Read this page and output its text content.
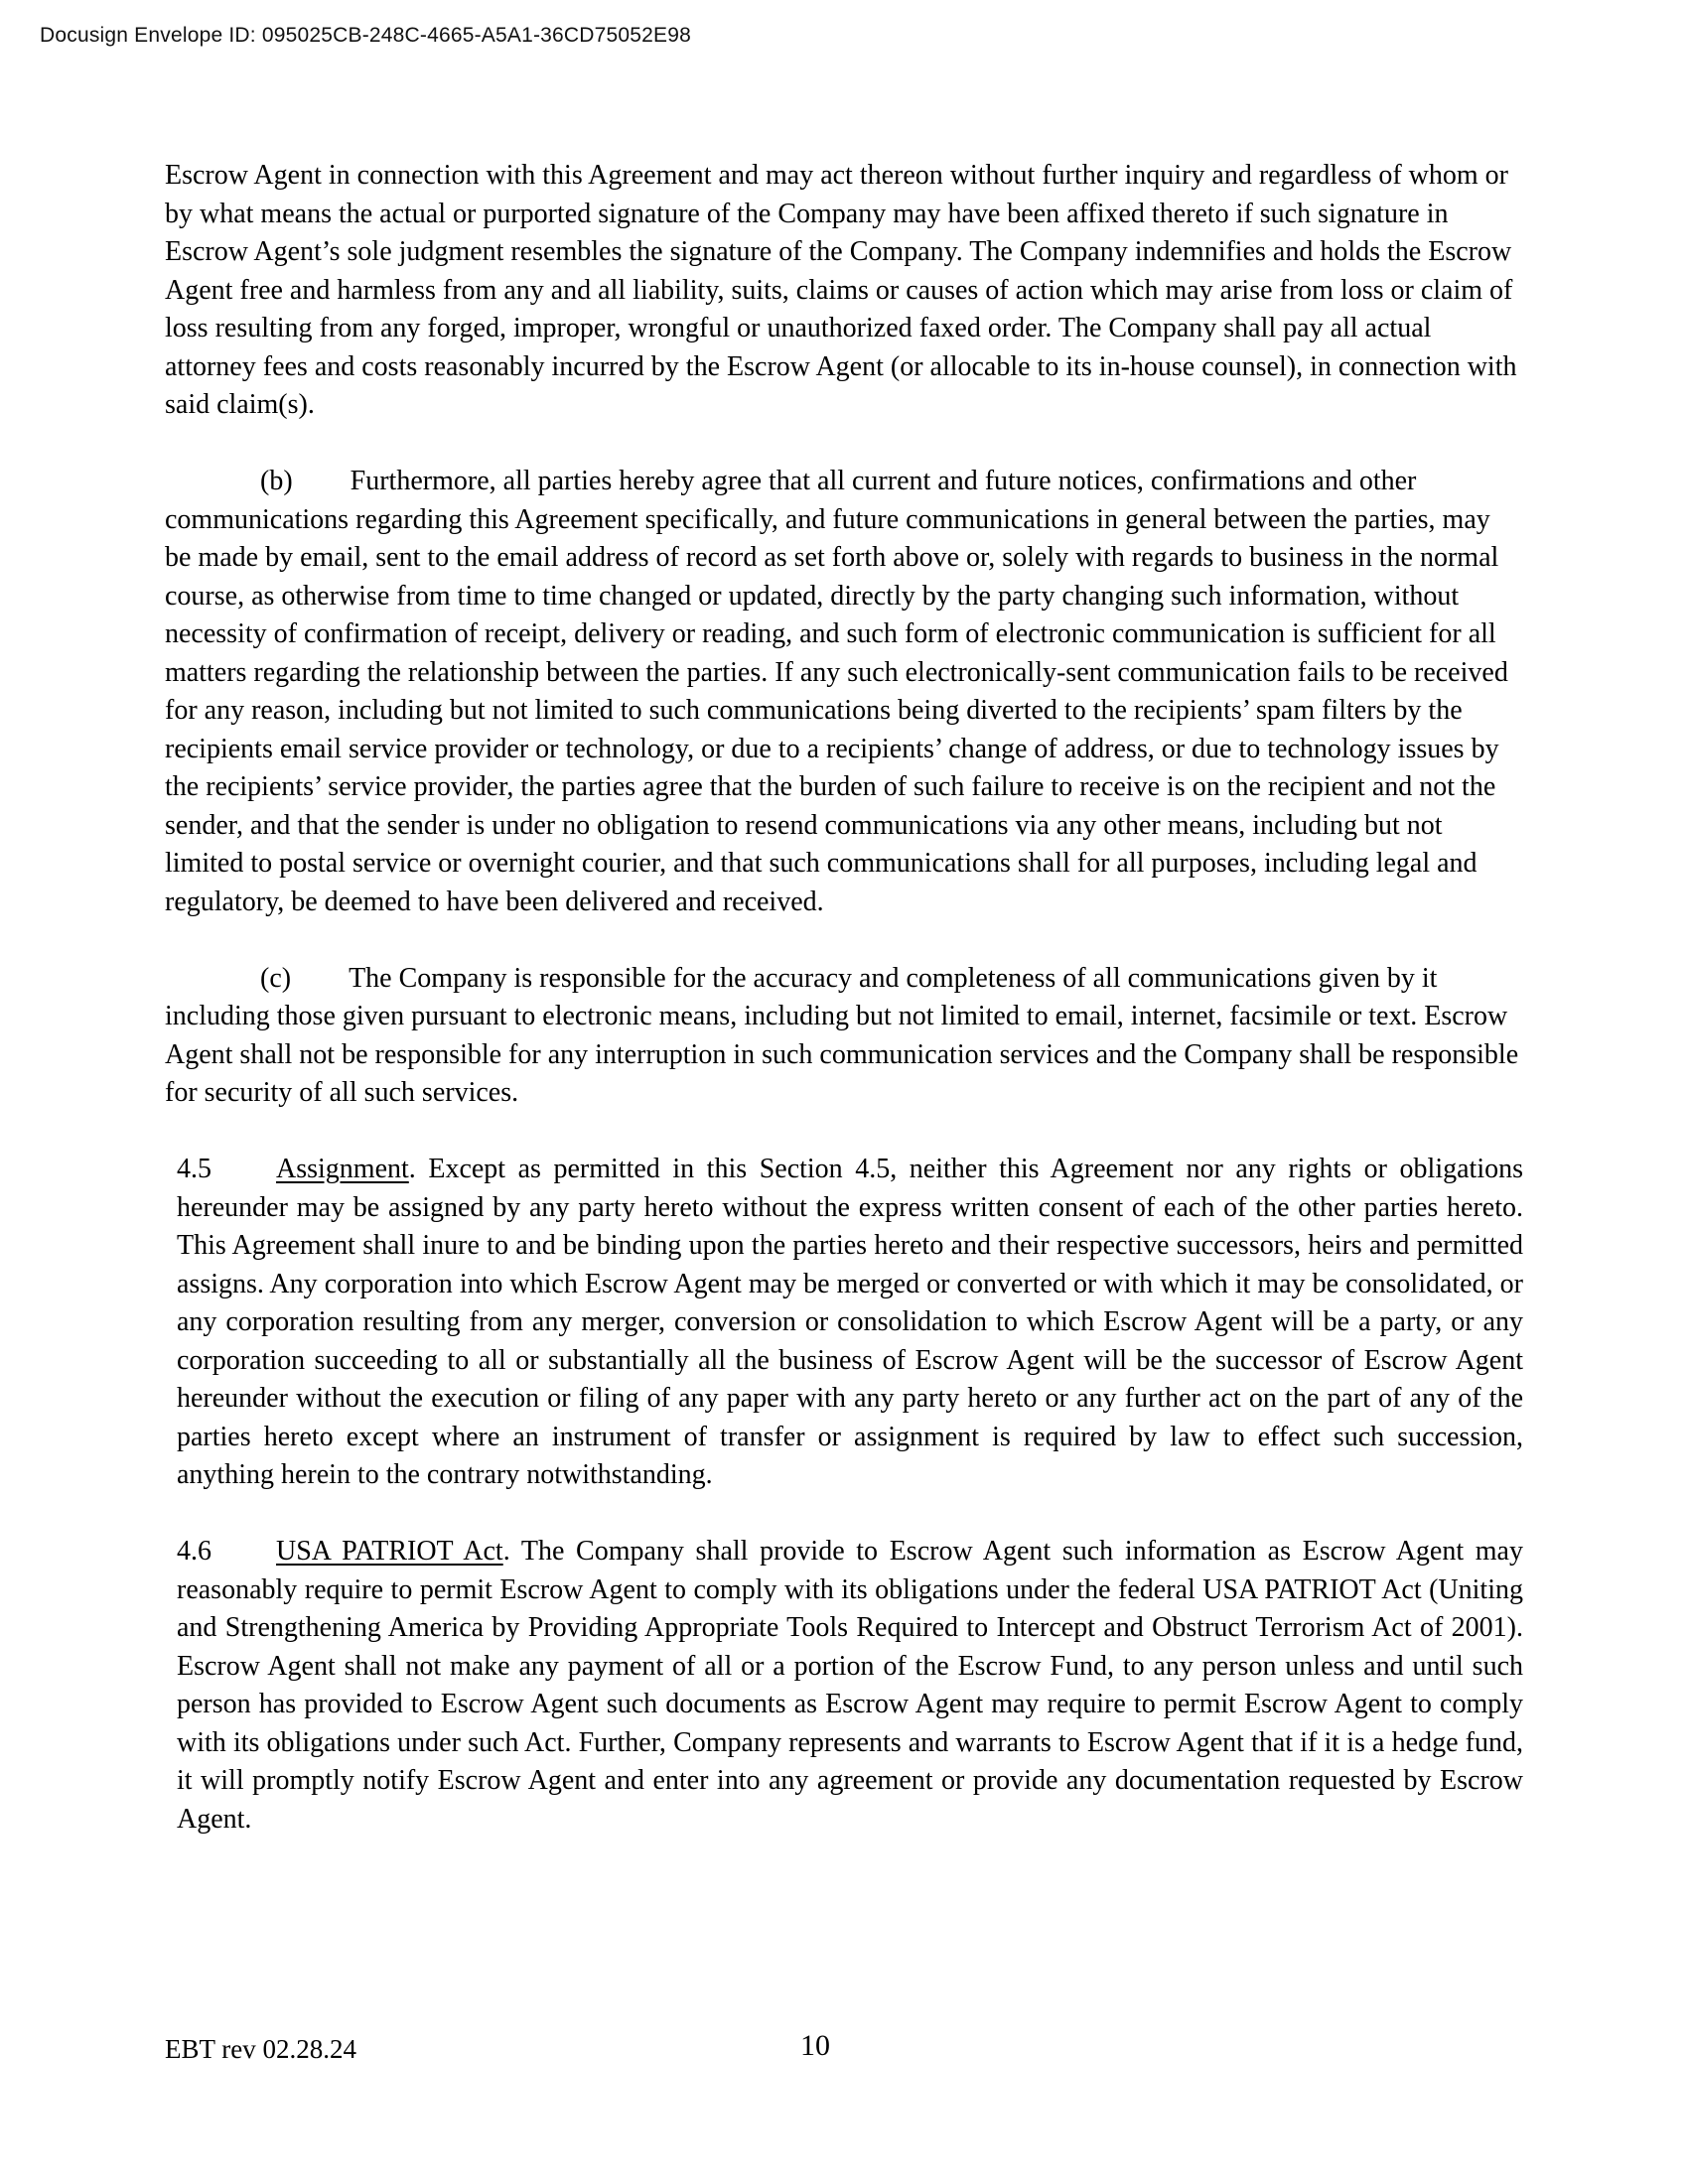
Docusign Envelope ID: 095025CB-248C-4665-A5A1-36CD75052E98

Escrow Agent in connection with this Agreement and may act thereon without further inquiry and regardless of whom or by what means the actual or purported signature of the Company may have been affixed thereto if such signature in Escrow Agent’s sole judgment resembles the signature of the Company. The Company indemnifies and holds the Escrow Agent free and harmless from any and all liability, suits, claims or causes of action which may arise from loss or claim of loss resulting from any forged, improper, wrongful or unauthorized faxed order. The Company shall pay all actual attorney fees and costs reasonably incurred by the Escrow Agent (or allocable to its in-house counsel), in connection with said claim(s).

(b) Furthermore, all parties hereby agree that all current and future notices, confirmations and other communications regarding this Agreement specifically, and future communications in general between the parties, may be made by email, sent to the email address of record as set forth above or, solely with regards to business in the normal course, as otherwise from time to time changed or updated, directly by the party changing such information, without necessity of confirmation of receipt, delivery or reading, and such form of electronic communication is sufficient for all matters regarding the relationship between the parties. If any such electronically-sent communication fails to be received for any reason, including but not limited to such communications being diverted to the recipients’ spam filters by the recipients email service provider or technology, or due to a recipients’ change of address, or due to technology issues by the recipients’ service provider, the parties agree that the burden of such failure to receive is on the recipient and not the sender, and that the sender is under no obligation to resend communications via any other means, including but not limited to postal service or overnight courier, and that such communications shall for all purposes, including legal and regulatory, be deemed to have been delivered and received.

(c) The Company is responsible for the accuracy and completeness of all communications given by it including those given pursuant to electronic means, including but not limited to email, internet, facsimile or text. Escrow Agent shall not be responsible for any interruption in such communication services and the Company shall be responsible for security of all such services.

4.5 Assignment. Except as permitted in this Section 4.5, neither this Agreement nor any rights or obligations hereunder may be assigned by any party hereto without the express written consent of each of the other parties hereto. This Agreement shall inure to and be binding upon the parties hereto and their respective successors, heirs and permitted assigns. Any corporation into which Escrow Agent may be merged or converted or with which it may be consolidated, or any corporation resulting from any merger, conversion or consolidation to which Escrow Agent will be a party, or any corporation succeeding to all or substantially all the business of Escrow Agent will be the successor of Escrow Agent hereunder without the execution or filing of any paper with any party hereto or any further act on the part of any of the parties hereto except where an instrument of transfer or assignment is required by law to effect such succession, anything herein to the contrary notwithstanding.

4.6 USA PATRIOT Act. The Company shall provide to Escrow Agent such information as Escrow Agent may reasonably require to permit Escrow Agent to comply with its obligations under the federal USA PATRIOT Act (Uniting and Strengthening America by Providing Appropriate Tools Required to Intercept and Obstruct Terrorism Act of 2001). Escrow Agent shall not make any payment of all or a portion of the Escrow Fund, to any person unless and until such person has provided to Escrow Agent such documents as Escrow Agent may require to permit Escrow Agent to comply with its obligations under such Act. Further, Company represents and warrants to Escrow Agent that if it is a hedge fund, it will promptly notify Escrow Agent and enter into any agreement or provide any documentation requested by Escrow Agent.

EBT rev 02.28.24	10
